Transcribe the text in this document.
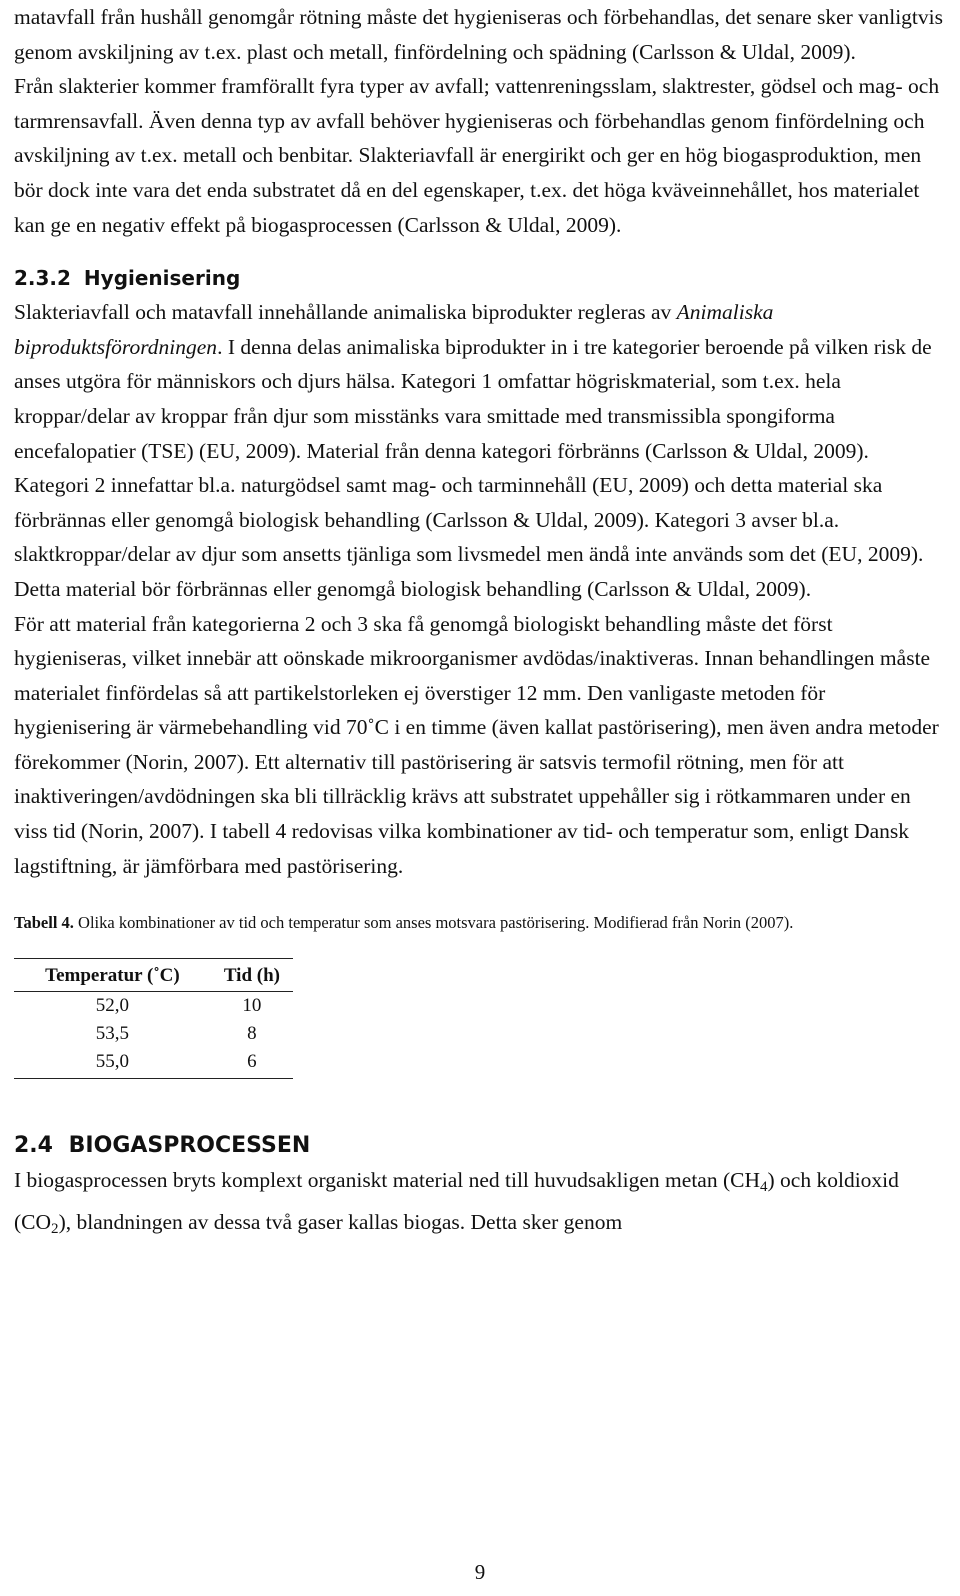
matavfall från hushåll genomgår rötning måste det hygieniseras och förbehandlas, det senare sker vanligtvis genom avskiljning av t.ex. plast och metall, finfördelning och spädning (Carlsson & Uldal, 2009).

Från slakterier kommer framförallt fyra typer av avfall; vattenreningsslam, slaktrester, gödsel och mag- och tarmrensavfall. Även denna typ av avfall behöver hygieniseras och förbehandlas genom finfördelning och avskiljning av t.ex. metall och benbitar. Slakteriavfall är energirikt och ger en hög biogasproduktion, men bör dock inte vara det enda substratet då en del egenskaper, t.ex. det höga kväveinnehållet, hos materialet kan ge en negativ effekt på biogasprocessen (Carlsson & Uldal, 2009).

2.3.2 Hygienisering

Slakteriavfall och matavfall innehållande animaliska biprodukter regleras av Animaliska biproduktsförordningen. I denna delas animaliska biprodukter in i tre kategorier beroende på vilken risk de anses utgöra för människors och djurs hälsa. Kategori 1 omfattar högriskmaterial, som t.ex. hela kroppar/delar av kroppar från djur som misstänks vara smittade med transmissibla spongiforma encefalopatier (TSE) (EU, 2009). Material från denna kategori förbränns (Carlsson & Uldal, 2009). Kategori 2 innefattar bl.a. naturgödsel samt mag- och tarminnehåll (EU, 2009) och detta material ska förbrännas eller genomgå biologisk behandling (Carlsson & Uldal, 2009). Kategori 3 avser bl.a. slaktkroppar/delar av djur som ansetts tjänliga som livsmedel men ändå inte används som det (EU, 2009). Detta material bör förbrännas eller genomgå biologisk behandling (Carlsson & Uldal, 2009).

För att material från kategorierna 2 och 3 ska få genomgå biologiskt behandling måste det först hygieniseras, vilket innebär att oönskade mikroorganismer avdödas/inaktiveras. Innan behandlingen måste materialet finfördelas så att partikelstorleken ej överstiger 12 mm. Den vanligaste metoden för hygienisering är värmebehandling vid 70˚C i en timme (även kallat pastörisering), men även andra metoder förekommer (Norin, 2007). Ett alternativ till pastörisering är satsvis termofil rötning, men för att inaktiveringen/avdödningen ska bli tillräcklig krävs att substratet uppehåller sig i rötkammaren under en viss tid (Norin, 2007). I tabell 4 redovisas vilka kombinationer av tid- och temperatur som, enligt Dansk lagstiftning, är jämförbara med pastörisering.

Tabell 4. Olika kombinationer av tid och temperatur som anses motsvara pastörisering. Modifierad från Norin (2007).

Temperatur (˚C)	Tid (h)
52,0	10
53,5	8
55,0	6
2.4 BIOGASPROCESSEN

I biogasprocessen bryts komplext organiskt material ned till huvudsakligen metan $(CH_4)$ och koldioxid $(CO_2)$, blandningen av dessa två gaser kallas biogas. Detta sker genom

9
